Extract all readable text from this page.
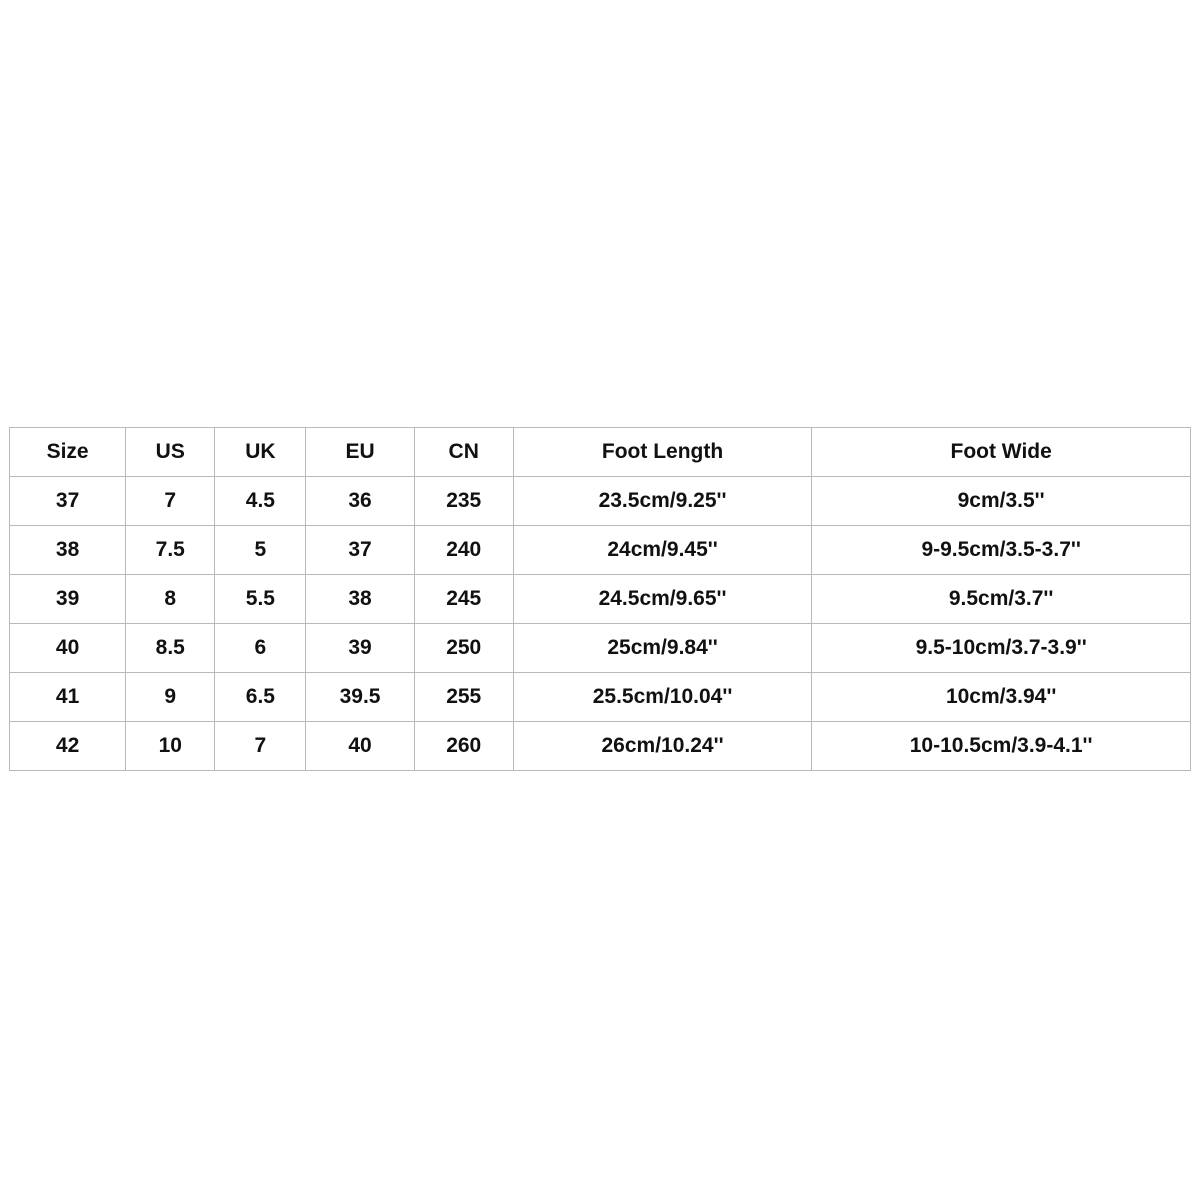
Size	US	UK	EU	CN	Foot Length	Foot Wide
37	7	4.5	36	235	23.5cm/9.25''	9cm/3.5''
38	7.5	5	37	240	24cm/9.45''	9-9.5cm/3.5-3.7''
39	8	5.5	38	245	24.5cm/9.65''	9.5cm/3.7''
40	8.5	6	39	250	25cm/9.84''	9.5-10cm/3.7-3.9''
41	9	6.5	39.5	255	25.5cm/10.04''	10cm/3.94''
42	10	7	40	260	26cm/10.24''	10-10.5cm/3.9-4.1''
